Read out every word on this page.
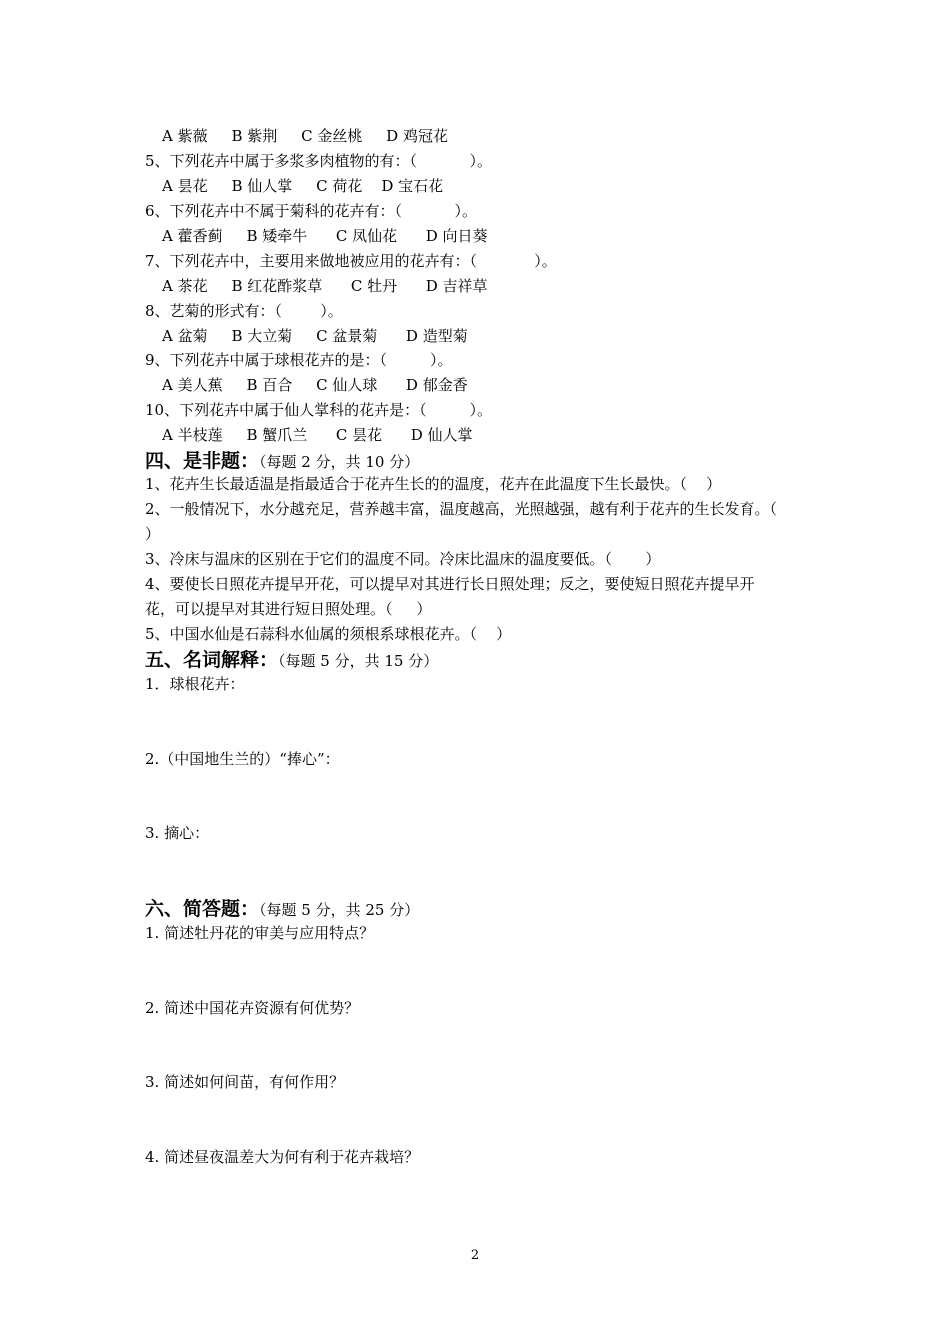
A 紫薇     B 紫荆     C 金丝桃     D 鸡冠花
5、下列花卉中属于多浆多肉植物的有：（           ）。
A 昙花     B 仙人掌     C 荷花    D 宝石花
6、下列花卉中不属于菊科的花卉有：（           ）。
A 藿香蓟     B 矮牵牛      C 凤仙花      D 向日葵
7、下列花卉中，主要用来做地被应用的花卉有：（            ）。
A 茶花     B 红花酢浆草      C 牡丹      D 吉祥草
8、艺菊的形式有：（        ）。
A 盆菊     B 大立菊     C 盆景菊      D 造型菊
9、下列花卉中属于球根花卉的是：（         ）。
A 美人蕉     B 百合     C 仙人球      D 郁金香
10、下列花卉中属于仙人掌科的花卉是：（         ）。
A 半枝莲     B 蟹爪兰      C 昙花      D 仙人掌
四、是非题：（每题 2 分，共 10 分）
1、花卉生长最适温是指最适合于花卉生长的的温度，花卉在此温度下生长最快。（    ）
2、一般情况下，水分越充足，营养越丰富，温度越高，光照越强，越有利于花卉的生长发育。（
）
3、冷床与温床的区别在于它们的温度不同。冷床比温床的温度要低。（       ）
4、要使长日照花卉提早开花，可以提早对其进行长日照处理；反之，要使短日照花卉提早开
花，可以提早对其进行短日照处理。（     ）
5、中国水仙是石蒜科水仙属的须根系球根花卉。（    ）
五、名词解释：（每题 5 分，共 15 分）
1．球根花卉：
2.（中国地生兰的）“捧心”：
3. 摘心：
六、简答题：（每题 5 分，共 25 分）
1. 简述牡丹花的审美与应用特点？
2. 简述中国花卉资源有何优势？
3. 简述如何间苗，有何作用？
4. 简述昼夜温差大为何有利于花卉栽培？
2
